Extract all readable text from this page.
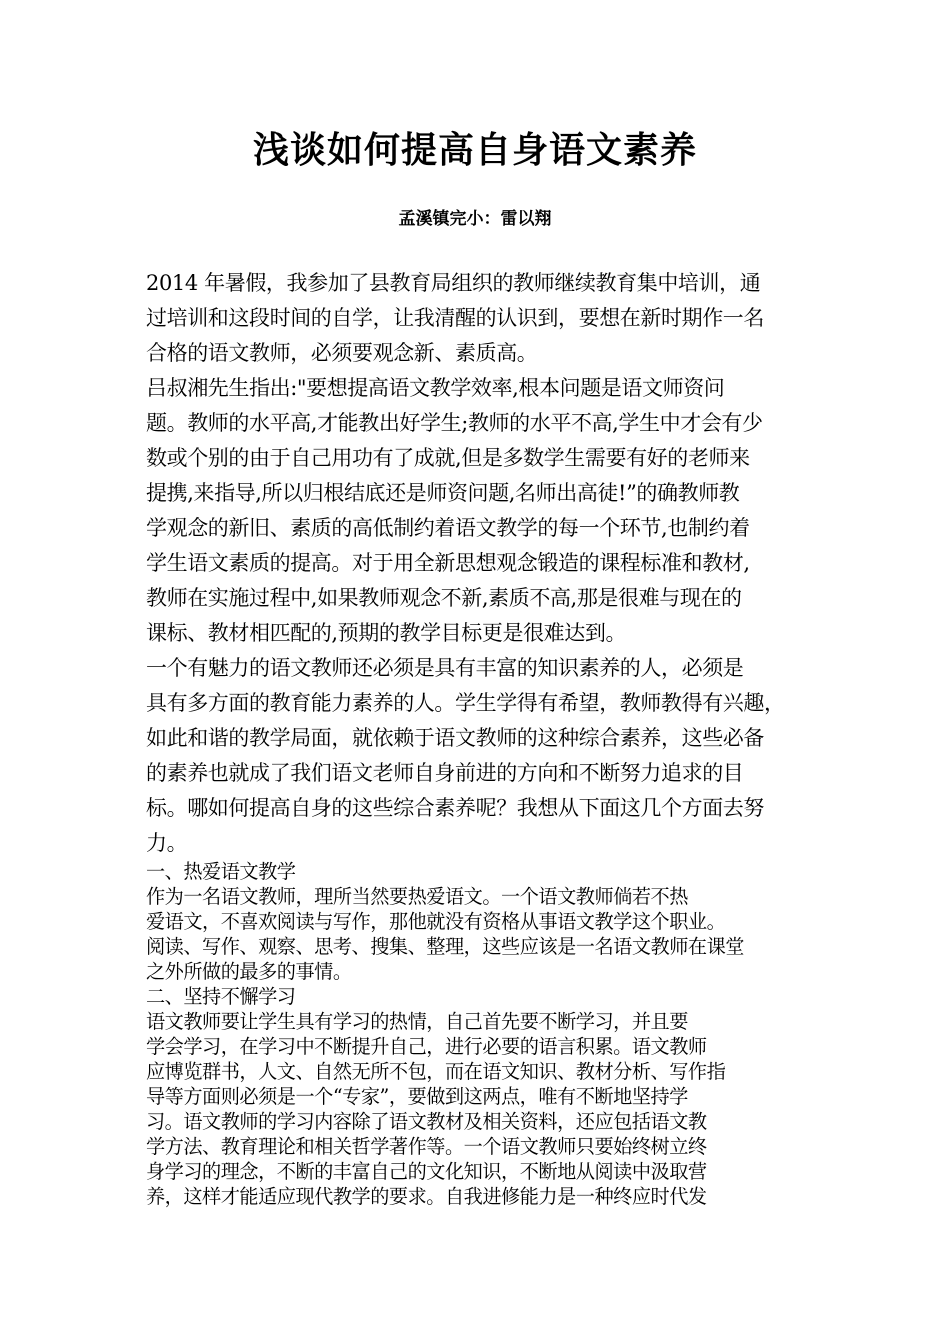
浅谈如何提高自身语文素养
孟溪镇完小：雷以翔
2014 年暑假，我参加了县教育局组织的教师继续教育集中培训，通
过培训和这段时间的自学，让我清醒的认识到，要想在新时期作一名
合格的语文教师，必须要观念新、素质高。
吕叔湘先生指出:"要想提高语文教学效率,根本问题是语文师资问
题。教师的水平高,才能教出好学生;教师的水平不高,学生中才会有少
数或个别的由于自己用功有了成就,但是多数学生需要有好的老师来
提携,来指导,所以归根结底还是师资问题,名师出高徒!”的确教师教
学观念的新旧、素质的高低制约着语文教学的每一个环节,也制约着
学生语文素质的提高。对于用全新思想观念锻造的课程标准和教材,
教师在实施过程中,如果教师观念不新,素质不高,那是很难与现在的
课标、教材相匹配的,预期的教学目标更是很难达到。
一个有魅力的语文教师还必须是具有丰富的知识素养的人，必须是
具有多方面的教育能力素养的人。学生学得有希望，教师教得有兴趣，
如此和谐的教学局面，就依赖于语文教师的这种综合素养，这些必备
的素养也就成了我们语文老师自身前进的方向和不断努力追求的目
标。哪如何提高自身的这些综合素养呢？我想从下面这几个方面去努
力。
一、热爱语文教学
作为一名语文教师，理所当然要热爱语文。一个语文教师倘若不热
爱语文，不喜欢阅读与写作，那他就没有资格从事语文教学这个职业。
阅读、写作、观察、思考、搜集、整理，这些应该是一名语文教师在课堂
之外所做的最多的事情。
二、坚持不懈学习
语文教师要让学生具有学习的热情，自己首先要不断学习，并且要
学会学习，在学习中不断提升自己，进行必要的语言积累。语文教师
应博览群书，人文、自然无所不包，而在语文知识、教材分析、写作指
导等方面则必须是一个“专家”，要做到这两点，唯有不断地坚持学
习。语文教师的学习内容除了语文教材及相关资料，还应包括语文教
学方法、教育理论和相关哲学著作等。一个语文教师只要始终树立终
身学习的理念，不断的丰富自己的文化知识，不断地从阅读中汲取营
养，这样才能适应现代教学的要求。自我进修能力是一种终应时代发
